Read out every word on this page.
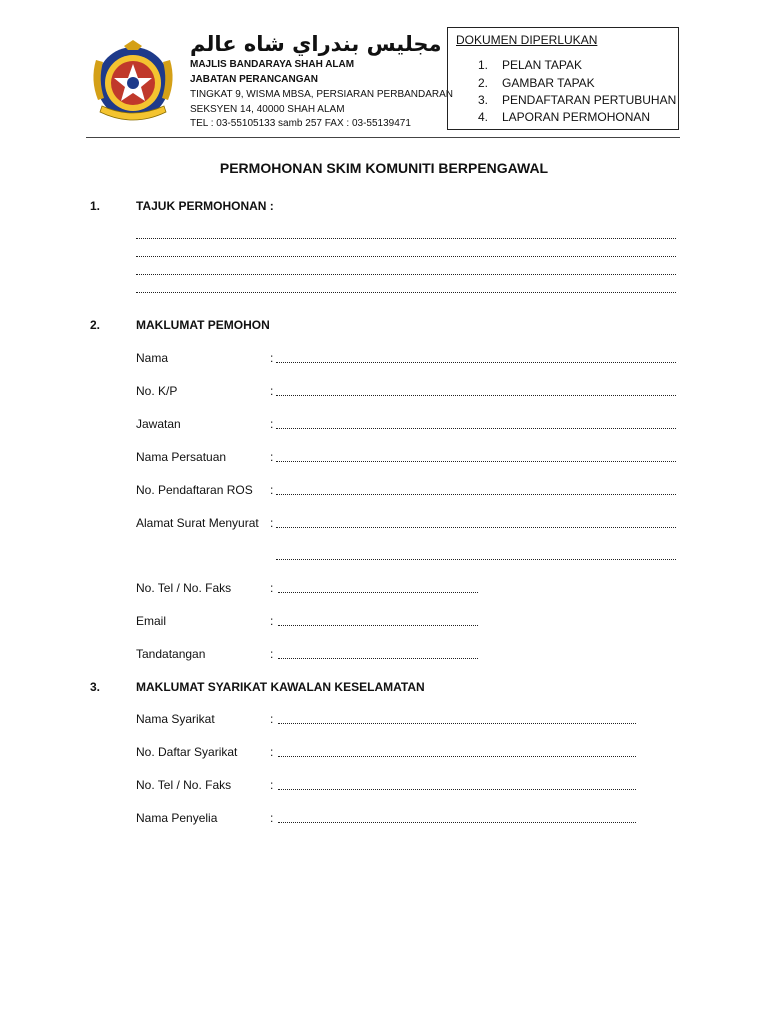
مجليس بندراي شاه عالم
MAJLIS BANDARAYA SHAH ALAM
JABATAN PERANCANGAN
TINGKAT 9, WISMA MBSA, PERSIARAN PERBANDARAN
SEKSYEN 14, 40000 SHAH ALAM
TEL : 03-55105133 samb 257 FAX : 03-55139471
DOKUMEN DIPERLUKAN
1. PELAN TAPAK
2. GAMBAR TAPAK
3. PENDAFTARAN PERTUBUHAN
4. LAPORAN PERMOHONAN
PERMOHONAN SKIM KOMUNITI BERPENGAWAL
1.	TAJUK PERMOHONAN :
2.	MAKLUMAT PEMOHON
Nama	:
No. K/P	:
Jawatan	:
Nama Persatuan	:
No. Pendaftaran ROS :
Alamat Surat Menyurat :
No. Tel / No. Faks	:
Email	:
Tandatangan	:
3.	MAKLUMAT SYARIKAT KAWALAN KESELAMATAN
Nama Syarikat	:
No. Daftar Syarikat	:
No. Tel / No. Faks	:
Nama Penyelia	:
